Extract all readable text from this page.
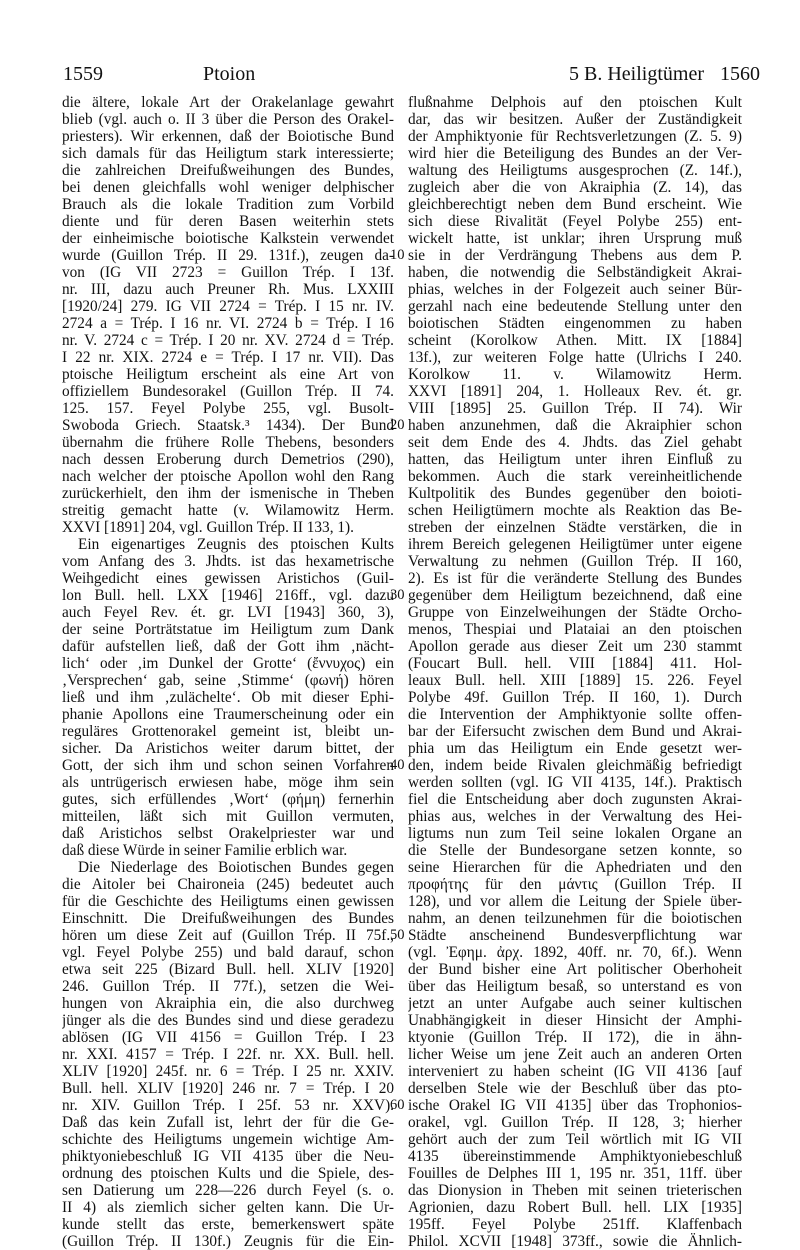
1559	Ptoion	5 B. Heiligtümer 1560
die ältere, lokale Art der Orakelanlage gewahrt
blieb (vgl. auch o. II 3 über die Person des Orakel-
priesters). Wir erkennen, daß der Boiotische Bund
sich damals für das Heiligtum stark interessierte;
die zahlreichen Dreifußweihungen des Bundes,
bei denen gleichfalls wohl weniger delphischer
Brauch als die lokale Tradition zum Vorbild
diente und für deren Basen weiterhin stets
der einheimische boiotische Kalkstein verwendet
wurde (Guillon Trép. II 29. 131f.), zeugen da-
von (IG VII 2723 = Guillon Trép. I 13f.
nr. III, dazu auch Preuner Rh. Mus. LXXIII
[1920/24] 279. IG VII 2724 = Trép. I 15 nr. IV.
2724 a = Trép. I 16 nr. VI. 2724 b = Trép. I 16
nr. V. 2724 c = Trép. I 20 nr. XV. 2724 d = Trép.
I 22 nr. XIX. 2724 e = Trép. I 17 nr. VII). Das
ptoische Heiligtum erscheint als eine Art von
offiziellem Bundesorakel (Guillon Trép. II 74.
125. 157. Feyel Polybe 255, vgl. Busolt-
Swoboda Griech. Staatsk.³ 1434). Der Bund
übernahm die frühere Rolle Thebens, besonders
nach dessen Eroberung durch Demetrios (290),
nach welcher der ptoische Apollon wohl den Rang
zurückerhielt, den ihm der ismenische in Theben
streitig gemacht hatte (v. Wilamowitz Herm.
XXVI [1891] 204, vgl. Guillon Trép. II 133, 1).
Ein eigenartiges Zeugnis des ptoischen Kults
vom Anfang des 3. Jhdts. ist das hexametrische
Weihgedicht eines gewissen Aristichos (Guil-
lon Bull. hell. LXX [1946] 216ff., vgl. dazu
auch Feyel Rev. ét. gr. LVI [1943] 360, 3),
der seine Porträtstatue im Heiligtum zum Dank
dafür aufstellen ließ, daß der Gott ihm ‚nächt-
lich‘ oder ‚im Dunkel der Grotte‘ (ἔννυχος) ein
‚Versprechen‘ gab, seine ‚Stimme‘ (φωνή) hören
ließ und ihm ‚zulächelte‘. Ob mit dieser Ephi-
phanie Apollons eine Traumerscheinung oder ein
reguläres Grottenorakel gemeint ist, bleibt un-
sicher. Da Aristichos weiter darum bittet, der
Gott, der sich ihm und schon seinen Vorfahren
als untrügerisch erwiesen habe, möge ihm sein
gutes, sich erfüllendes ‚Wort‘ (φήμη) fernerhin
mitteilen, läßt sich mit Guillon vermuten,
daß Aristichos selbst Orakelpriester war und
daß diese Würde in seiner Familie erblich war.
Die Niederlage des Boiotischen Bundes gegen
die Aitoler bei Chaironeia (245) bedeutet auch
für die Geschichte des Heiligtums einen gewissen
Einschnitt. Die Dreifußweihungen des Bundes
hören um diese Zeit auf (Guillon Trép. II 75f.,
vgl. Feyel Polybe 255) und bald darauf, schon
etwa seit 225 (Bizard Bull. hell. XLIV [1920]
246. Guillon Trép. II 77f.), setzen die Wei-
hungen von Akraiphia ein, die also durchweg
jünger als die des Bundes sind und diese geradezu
ablösen (IG VII 4156 = Guillon Trép. I 23
nr. XXI. 4157 = Trép. I 22f. nr. XX. Bull. hell.
XLIV [1920] 245f. nr. 6 = Trép. I 25 nr. XXIV.
Bull. hell. XLIV [1920] 246 nr. 7 = Trép. I 20
nr. XIV. Guillon Trép. I 25f. 53 nr. XXV).
Daß das kein Zufall ist, lehrt der für die Ge-
schichte des Heiligtums ungemein wichtige Am-
phiktyoniebeschluß IG VII 4135 über die Neu-
ordnung des ptoischen Kults und die Spiele, des-
sen Datierung um 228—226 durch Feyel (s. o.
II 4) als ziemlich sicher gelten kann. Die Ur-
kunde stellt das erste, bemerkenswert späte
(Guillon Trép. II 130f.) Zeugnis für die Ein-
10
20
30
40
50
60
flußnahme Delphois auf den ptoischen Kult
dar, das wir besitzen. Außer der Zuständigkeit
der Amphiktyonie für Rechtsverletzungen (Z. 5. 9)
wird hier die Beteiligung des Bundes an der Ver-
waltung des Heiligtums ausgesprochen (Z. 14f.),
zugleich aber die von Akraiphia (Z. 14), das
gleichberechtigt neben dem Bund erscheint. Wie
sich diese Rivalität (Feyel Polybe 255) ent-
wickelt hatte, ist unklar; ihren Ursprung muß
sie in der Verdrängung Thebens aus dem P.
haben, die notwendig die Selbständigkeit Akrai-
phias, welches in der Folgezeit auch seiner Bür-
gerzahl nach eine bedeutende Stellung unter den
boiotischen Städten eingenommen zu haben
scheint (Korolkow Athen. Mitt. IX [1884]
13f.), zur weiteren Folge hatte (Ulrichs I 240.
Korolkow 11. v. Wilamowitz Herm.
XXVI [1891] 204, 1. Holleaux Rev. ét. gr.
VIII [1895] 25. Guillon Trép. II 74). Wir
haben anzunehmen, daß die Akraiphier schon
seit dem Ende des 4. Jhdts. das Ziel gehabt
hatten, das Heiligtum unter ihren Einfluß zu
bekommen. Auch die stark vereinheitlichende
Kultpolitik des Bundes gegenüber den boioti-
schen Heiligtümern mochte als Reaktion das Be-
streben der einzelnen Städte verstärken, die in
ihrem Bereich gelegenen Heiligtümer unter eigene
Verwaltung zu nehmen (Guillon Trép. II 160,
2). Es ist für die veränderte Stellung des Bundes
gegenüber dem Heiligtum bezeichnend, daß eine
Gruppe von Einzelweihungen der Städte Orcho-
menos, Thespiai und Plataiai an den ptoischen
Apollon gerade aus dieser Zeit um 230 stammt
(Foucart Bull. hell. VIII [1884] 411. Hol-
leaux Bull. hell. XIII [1889] 15. 226. Feyel
Polybe 49f. Guillon Trép. II 160, 1). Durch
die Intervention der Amphiktyonie sollte offen-
bar der Eifersucht zwischen dem Bund und Akrai-
phia um das Heiligtum ein Ende gesetzt wer-
den, indem beide Rivalen gleichmäßig befriedigt
werden sollten (vgl. IG VII 4135, 14f.). Praktisch
fiel die Entscheidung aber doch zugunsten Akrai-
phias aus, welches in der Verwaltung des Hei-
ligtums nun zum Teil seine lokalen Organe an
die Stelle der Bundesorgane setzen konnte, so
seine Hierarchen für die Aphedriaten und den
προφήτης für den μάντις (Guillon Trép. II
128), und vor allem die Leitung der Spiele über-
nahm, an denen teilzunehmen für die boiotischen
Städte anscheinend Bundesverpflichtung war
(vgl. Ἐφημ. ἀρχ. 1892, 40ff. nr. 70, 6f.). Wenn
der Bund bisher eine Art politischer Oberhoheit
über das Heiligtum besaß, so unterstand es von
jetzt an unter Aufgabe auch seiner kultischen
Unabhängigkeit in dieser Hinsicht der Amphi-
ktyonie (Guillon Trép. II 172), die in ähn-
licher Weise um jene Zeit auch an anderen Orten
interveniert zu haben scheint (IG VII 4136 [auf
derselben Stele wie der Beschluß über das pto-
ische Orakel IG VII 4135] über das Trophonios-
orakel, vgl. Guillon Trép. II 128, 3; hierher
gehört auch der zum Teil wörtlich mit IG VII
4135 übereinstimmende Amphiktyoniebeschluß
Fouilles de Delphes III 1, 195 nr. 351, 11ff. über
das Dionysion in Theben mit seinen trieterischen
Agrionien, dazu Robert Bull. hell. LIX [1935]
195ff. Feyel Polybe 251ff. Klaffenbach
Philol. XCVII [1948] 373ff., sowie die Ähnlich-
